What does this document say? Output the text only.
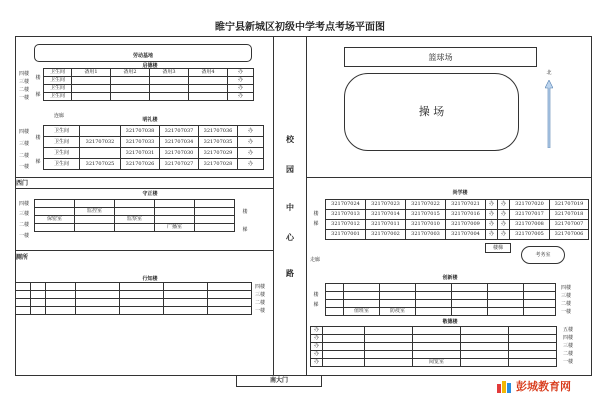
睢宁县新城区初级中学考点考场平面图
劳动基地
启德楼
四楼
三楼
二楼
一楼
楼
梯
卫生间	备用1	备用2	备用3	备用4	办
卫生间					办
卫生间					办
卫生间					办
连廊
明礼楼
四楼
三楼
二楼
一楼
楼
梯
卫生间		321707038	321707037	321707036	办
卫生间	321707032	321707033	321707034	321707035	办
卫生间		321707031	321707030	321707029	办
卫生间	321707025	321707026	321707027	321707028	办
西门
守正楼
四楼
三楼
二楼
一楼

	监控室			
保密室		监察室		
			广播室	
楼
梯
厕所
行知楼

四楼
三楼
二楼
一楼
校
园
中
心
路
篮球场
操 场
北
尚学楼
楼
梯
321707024	321707023	321707022	321707021	办	办	321707020	321707019
321707013	321707014	321707015	321707016	办	办	321707017	321707018
321707012	321707011	321707010	321707009	办	办	321707008	321707007
321707001	321707002	321707003	321707004	办	办	321707005	321707006
楼梯
考务室
走廊
创新楼
楼
梯

	值班室	防疫室				
四楼
三楼
二楼
一楼
敬德楼
办					
办					
办					
办					
办			阅览室		
五楼
四楼
三楼
二楼
一楼
南大门	彭城教育网
